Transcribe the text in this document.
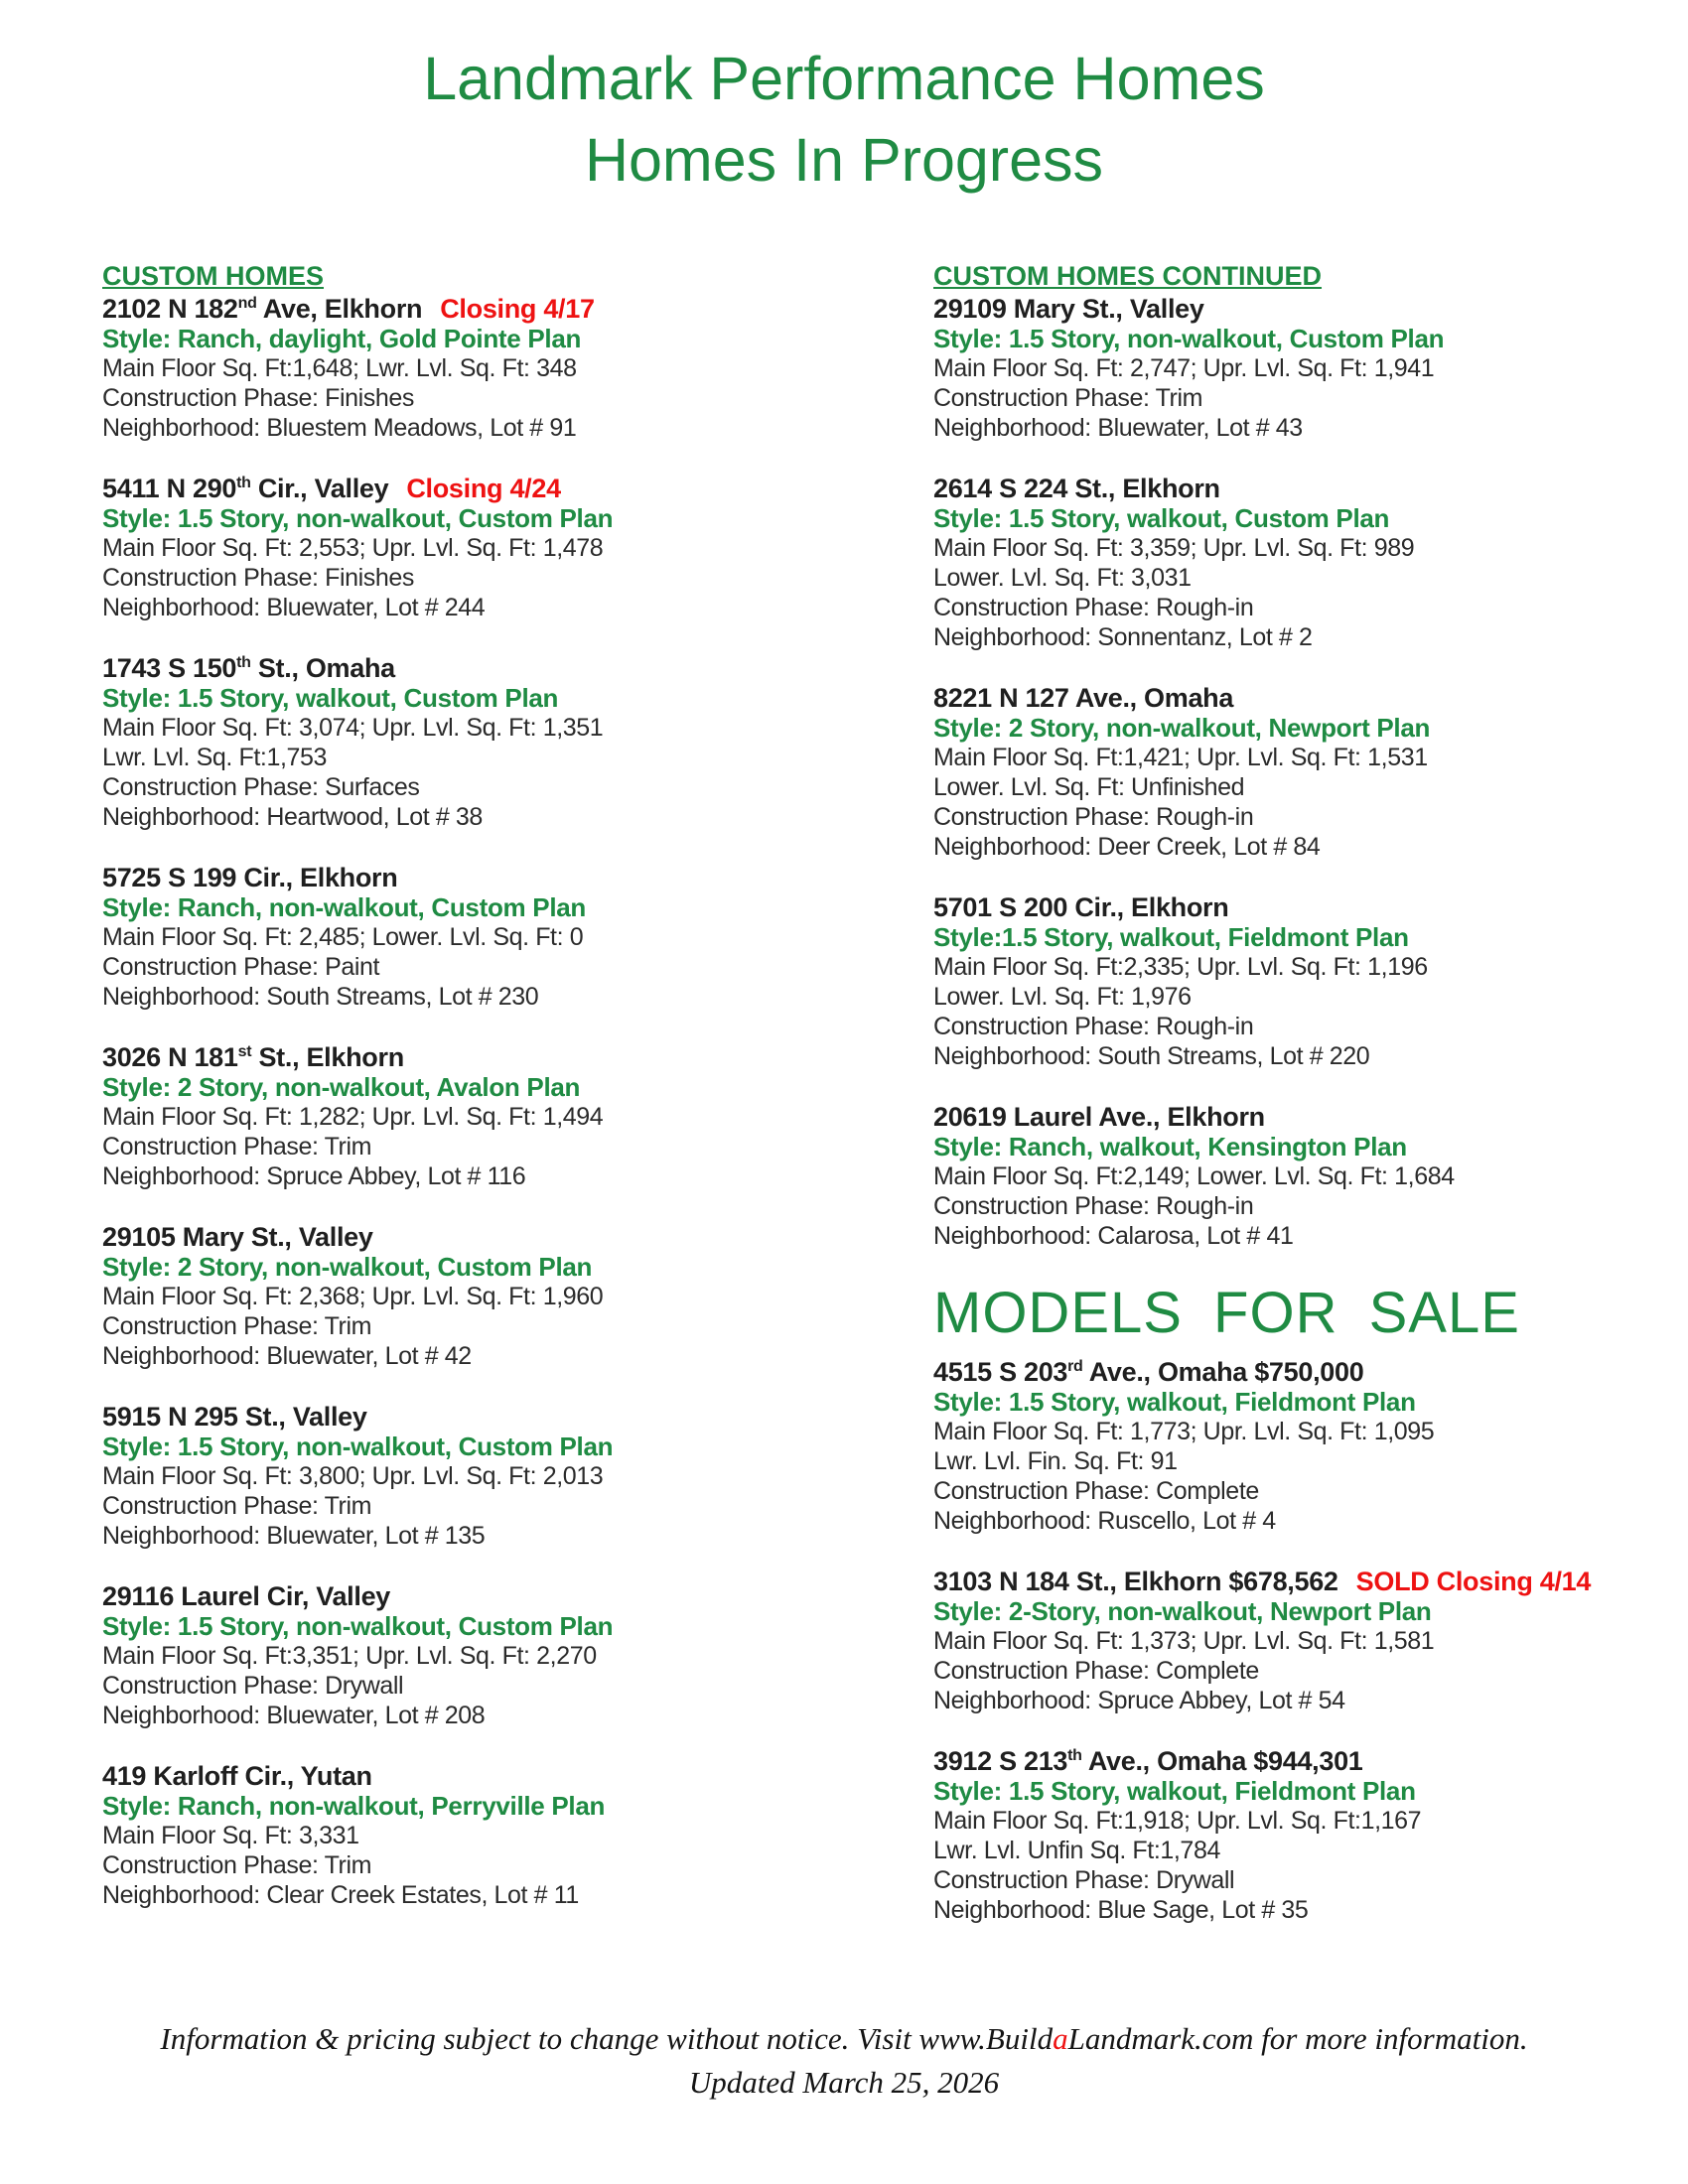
Landmark Performance Homes
Homes In Progress
CUSTOM HOMES
2102 N 182nd Ave, Elkhorn Closing 4/17
Style: Ranch, daylight, Gold Pointe Plan
Main Floor Sq. Ft:1,648; Lwr. Lvl. Sq. Ft: 348
Construction Phase: Finishes
Neighborhood: Bluestem Meadows, Lot # 91
5411 N 290th Cir., Valley Closing 4/24
Style: 1.5 Story, non-walkout, Custom Plan
Main Floor Sq. Ft: 2,553; Upr. Lvl. Sq. Ft: 1,478
Construction Phase: Finishes
Neighborhood: Bluewater, Lot # 244
1743 S 150th St., Omaha
Style: 1.5 Story, walkout, Custom Plan
Main Floor Sq. Ft: 3,074; Upr. Lvl. Sq. Ft: 1,351
Lwr. Lvl. Sq. Ft:1,753
Construction Phase: Surfaces
Neighborhood: Heartwood, Lot # 38
5725 S 199 Cir., Elkhorn
Style: Ranch, non-walkout, Custom Plan
Main Floor Sq. Ft: 2,485; Lower. Lvl. Sq. Ft: 0
Construction Phase: Paint
Neighborhood: South Streams, Lot # 230
3026 N 181st St., Elkhorn
Style: 2 Story, non-walkout, Avalon Plan
Main Floor Sq. Ft: 1,282; Upr. Lvl. Sq. Ft: 1,494
Construction Phase: Trim
Neighborhood: Spruce Abbey, Lot # 116
29105 Mary St., Valley
Style: 2 Story, non-walkout, Custom Plan
Main Floor Sq. Ft: 2,368; Upr. Lvl. Sq. Ft: 1,960
Construction Phase: Trim
Neighborhood: Bluewater, Lot # 42
5915 N 295 St., Valley
Style: 1.5 Story, non-walkout, Custom Plan
Main Floor Sq. Ft: 3,800; Upr. Lvl. Sq. Ft: 2,013
Construction Phase: Trim
Neighborhood: Bluewater, Lot # 135
29116 Laurel Cir, Valley
Style: 1.5 Story, non-walkout, Custom Plan
Main Floor Sq. Ft:3,351; Upr. Lvl. Sq. Ft: 2,270
Construction Phase: Drywall
Neighborhood: Bluewater, Lot # 208
419 Karloff Cir., Yutan
Style: Ranch, non-walkout, Perryville Plan
Main Floor Sq. Ft: 3,331
Construction Phase: Trim
Neighborhood: Clear Creek Estates, Lot # 11
CUSTOM HOMES CONTINUED
29109 Mary St., Valley
Style: 1.5 Story, non-walkout, Custom Plan
Main Floor Sq. Ft: 2,747; Upr. Lvl. Sq. Ft: 1,941
Construction Phase: Trim
Neighborhood: Bluewater, Lot # 43
2614 S 224 St., Elkhorn
Style: 1.5 Story, walkout, Custom Plan
Main Floor Sq. Ft: 3,359; Upr. Lvl. Sq. Ft: 989
Lower. Lvl. Sq. Ft: 3,031
Construction Phase: Rough-in
Neighborhood: Sonnentanz, Lot # 2
8221 N 127 Ave., Omaha
Style: 2 Story, non-walkout, Newport Plan
Main Floor Sq. Ft:1,421; Upr. Lvl. Sq. Ft: 1,531
Lower. Lvl. Sq. Ft: Unfinished
Construction Phase: Rough-in
Neighborhood: Deer Creek, Lot # 84
5701 S 200 Cir., Elkhorn
Style:1.5 Story, walkout, Fieldmont Plan
Main Floor Sq. Ft:2,335; Upr. Lvl. Sq. Ft: 1,196
Lower. Lvl. Sq. Ft: 1,976
Construction Phase: Rough-in
Neighborhood: South Streams, Lot # 220
20619 Laurel Ave., Elkhorn
Style: Ranch, walkout, Kensington Plan
Main Floor Sq. Ft:2,149; Lower. Lvl. Sq. Ft: 1,684
Construction Phase: Rough-in
Neighborhood: Calarosa, Lot # 41
MODELS FOR SALE
4515 S 203rd Ave., Omaha $750,000
Style: 1.5 Story, walkout, Fieldmont Plan
Main Floor Sq. Ft: 1,773; Upr. Lvl. Sq. Ft: 1,095
Lwr. Lvl. Fin. Sq. Ft: 91
Construction Phase: Complete
Neighborhood: Ruscello, Lot # 4
3103 N 184 St., Elkhorn $678,562 SOLD Closing 4/14
Style: 2-Story, non-walkout, Newport Plan
Main Floor Sq. Ft: 1,373; Upr. Lvl. Sq. Ft: 1,581
Construction Phase: Complete
Neighborhood: Spruce Abbey, Lot # 54
3912 S 213th Ave., Omaha $944,301
Style: 1.5 Story, walkout, Fieldmont Plan
Main Floor Sq. Ft:1,918; Upr. Lvl. Sq. Ft:1,167
Lwr. Lvl. Unfin Sq. Ft:1,784
Construction Phase: Drywall
Neighborhood: Blue Sage, Lot # 35
Information & pricing subject to change without notice. Visit www.BuildaLandmark.com for more information.
Updated March 25, 2026
